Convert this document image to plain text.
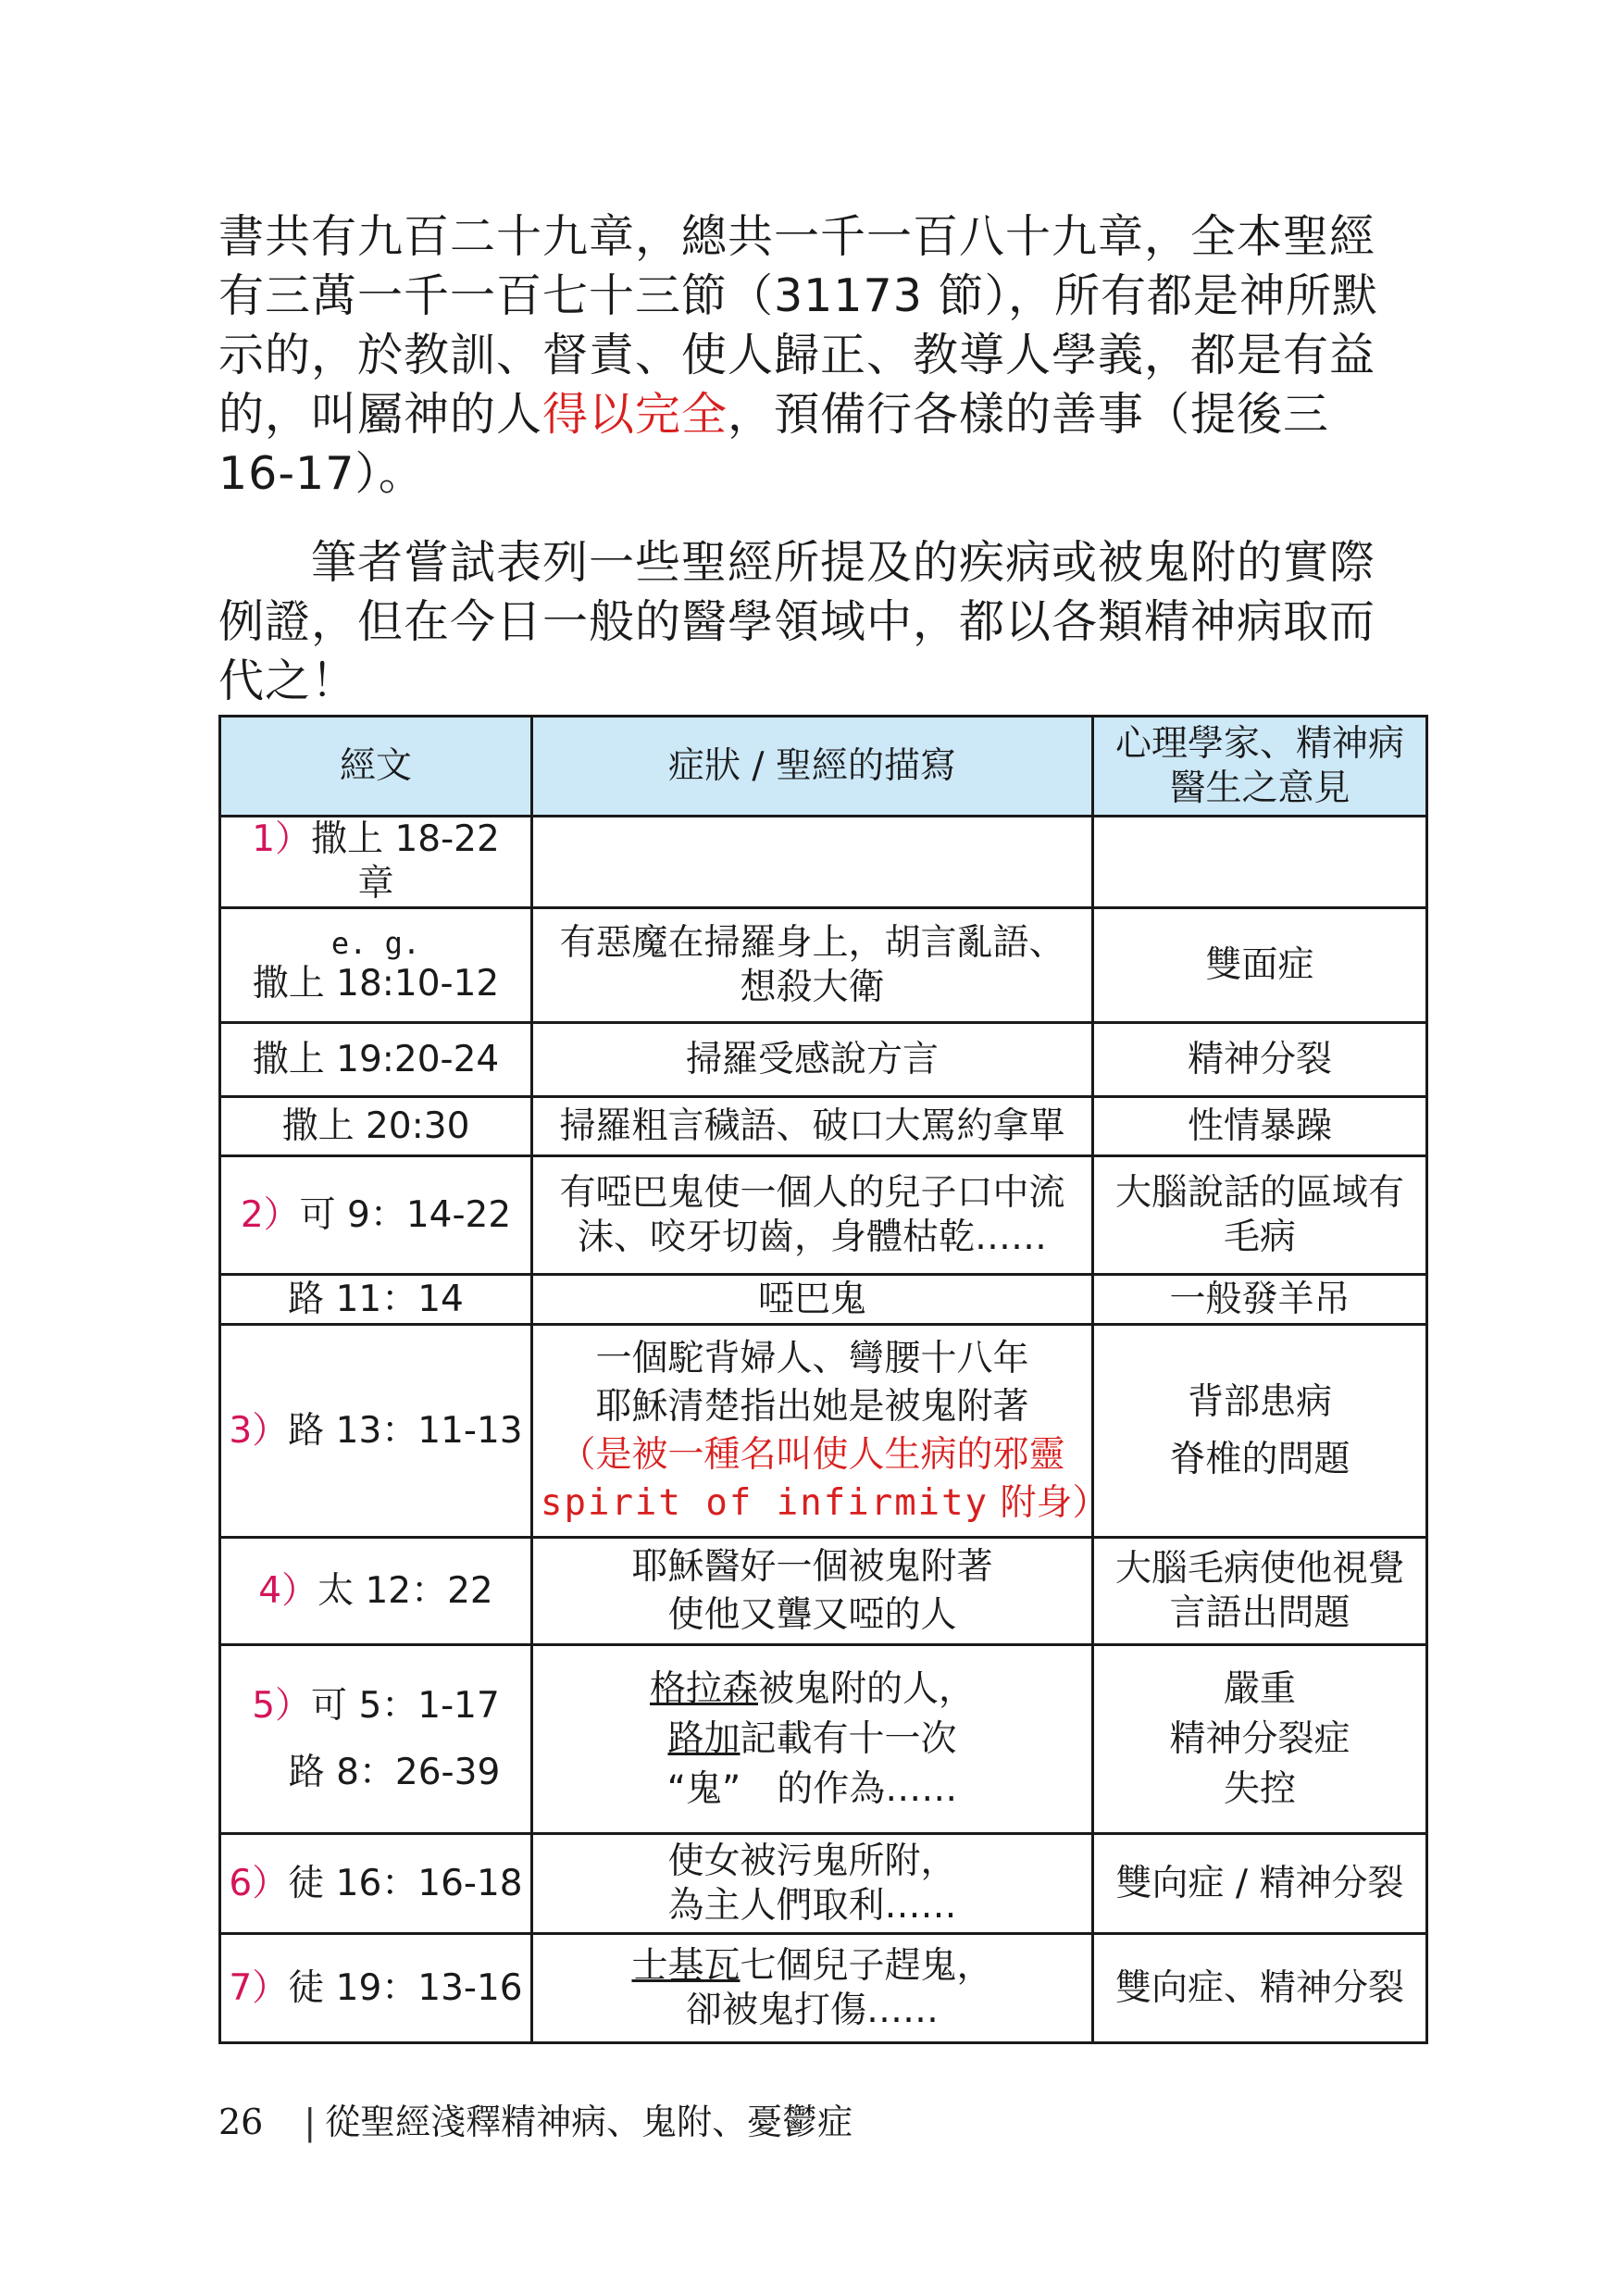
書共有九百二十九章，總共一千一百八十九章，全本聖經
有三萬一千一百七十三節（31173 節），所有都是神所默
示的，於教訓、督責、使人歸正、教導人學義，都是有益
的，叫屬神的人得以完全，預備行各樣的善事（提後三
16-17）。
筆者嘗試表列一些聖經所提及的疾病或被鬼附的實際
例證，但在今日一般的醫學領域中，都以各類精神病取而
代之！
經文	症狀 / 聖經的描寫	心理學家、精神病
醫生之意見

1）撒上 18-22 章		

e. g.
撒上 18:10-12	有惡魔在掃羅身上，胡言亂語、
想殺大衛	雙面症
撒上 19:20-24	掃羅受感說方言	精神分裂
撒上 20:30	掃羅粗言穢語、破口大罵約拿單	性情暴躁
2）可 9：14-22	有啞巴鬼使一個人的兒子口中流
沫、咬牙切齒，身體枯乾……	大腦說話的區域有
毛病

路 11：14	啞巴鬼	一般發羊吊
3）路 13：11-13	一個駝背婦人、彎腰十八年
耶穌清楚指出她是被鬼附著
（是被一種名叫使人生病的邪靈
spirit of infirmity 附身）	背部患病
脊椎的問題

4）太 12：22	耶穌醫好一個被鬼附著
使他又聾又啞的人	大腦毛病使他視覺
言語出問題

5）可 5：1-17
路 8：26-39	格拉森被鬼附的人，
路加記載有十一次
“鬼”　的作為……	嚴重
精神分裂症
失控

6）徒 16：16-18	使女被污鬼所附，
為主人們取利……	雙向症 / 精神分裂
7）徒 19：13-16	士基瓦七個兒子趕鬼，
卻被鬼打傷……	雙向症、精神分裂
26 | 從聖經淺釋精神病、鬼附、憂鬱症
